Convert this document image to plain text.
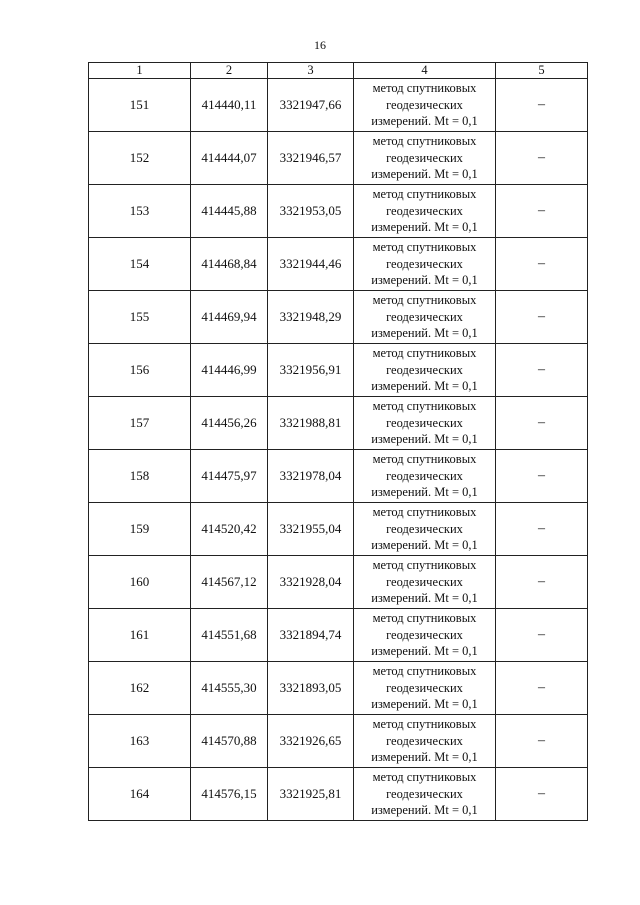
16
1	2	3	4	5
151	414440,11	3321947,66	метод спутниковых
геодезических
измерений. Mt = 0,1	–
152	414444,07	3321946,57	метод спутниковых
геодезических
измерений. Mt = 0,1	–
153	414445,88	3321953,05	метод спутниковых
геодезических
измерений. Mt = 0,1	–
154	414468,84	3321944,46	метод спутниковых
геодезических
измерений. Mt = 0,1	–
155	414469,94	3321948,29	метод спутниковых
геодезических
измерений. Mt = 0,1	–
156	414446,99	3321956,91	метод спутниковых
геодезических
измерений. Mt = 0,1	–
157	414456,26	3321988,81	метод спутниковых
геодезических
измерений. Mt = 0,1	–
158	414475,97	3321978,04	метод спутниковых
геодезических
измерений. Mt = 0,1	–
159	414520,42	3321955,04	метод спутниковых
геодезических
измерений. Mt = 0,1	–
160	414567,12	3321928,04	метод спутниковых
геодезических
измерений. Mt = 0,1	–
161	414551,68	3321894,74	метод спутниковых
геодезических
измерений. Mt = 0,1	–
162	414555,30	3321893,05	метод спутниковых
геодезических
измерений. Mt = 0,1	–
163	414570,88	3321926,65	метод спутниковых
геодезических
измерений. Mt = 0,1	–
164	414576,15	3321925,81	метод спутниковых
геодезических
измерений. Mt = 0,1	–
